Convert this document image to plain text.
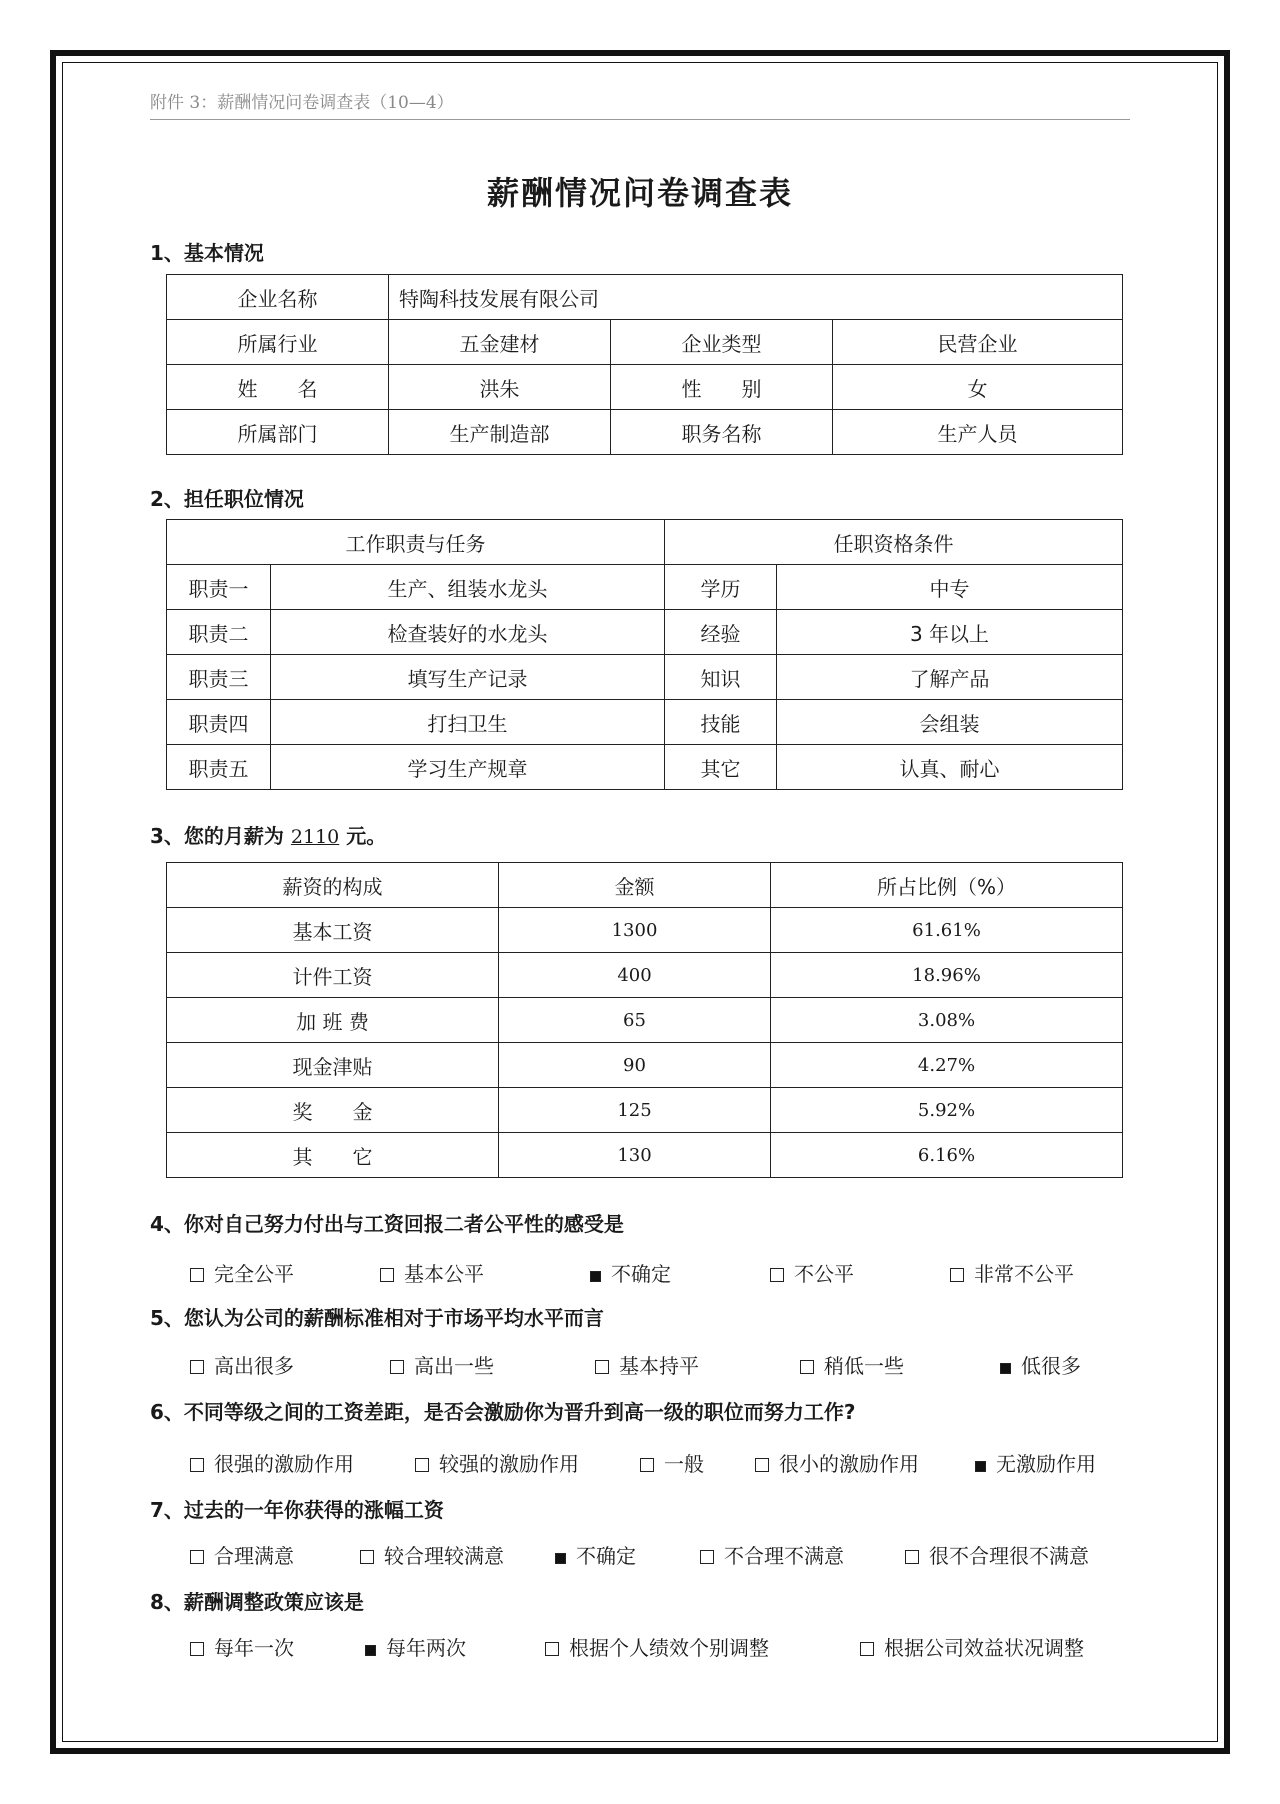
附件 3：薪酬情况问卷调查表（10—4）
薪酬情况问卷调查表
1、基本情况
企业名称	特陶科技发展有限公司		
所属行业	五金建材	企业类型	民营企业
姓　　名	洪朱	性　　别	女
所属部门	生产制造部	职务名称	生产人员
2、担任职位情况
工作职责与任务		任职资格条件	
职责一	生产、组装水龙头	学历	中专
职责二	检查装好的水龙头	经验	3 年以上
职责三	填写生产记录	知识	了解产品
职责四	打扫卫生	技能	会组装
职责五	学习生产规章	其它	认真、耐心
3、您的月薪为 2110 元。
薪资的构成	金额	所占比例（%）
基本工资	1300	61.61%
计件工资	400	18.96%
加 班 费	65	3.08%
现金津贴	90	4.27%
奖　　金	125	5.92%
其　　它	130	6.16%
4、你对自己努力付出与工资回报二者公平性的感受是
完全公平	基本公平	不确定	不公平	非常不公平
5、您认为公司的薪酬标准相对于市场平均水平而言
高出很多	高出一些	基本持平	稍低一些	低很多
6、不同等级之间的工资差距，是否会激励你为晋升到高一级的职位而努力工作?
很强的激励作用	较强的激励作用	一般	很小的激励作用	无激励作用
7、过去的一年你获得的涨幅工资
合理满意	较合理较满意	不确定	不合理不满意	很不合理很不满意
8、薪酬调整政策应该是
每年一次	每年两次	根据个人绩效个别调整	根据公司效益状况调整
